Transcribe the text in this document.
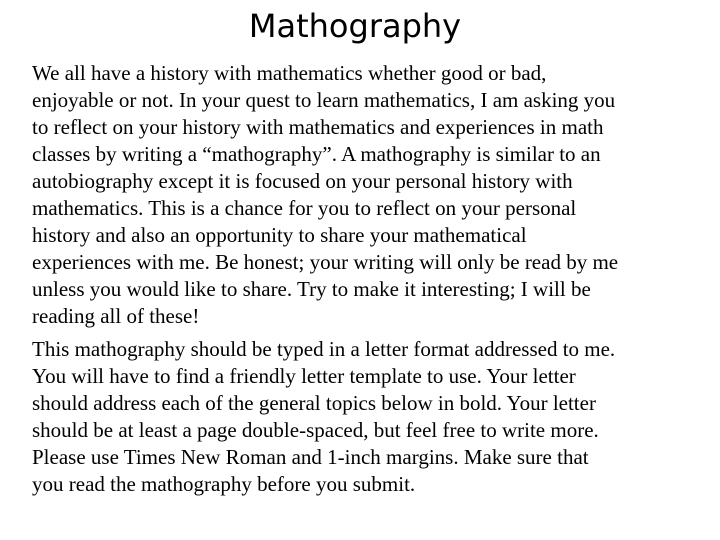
Mathography

We all have a history with mathematics whether good or bad,
enjoyable or not. In your quest to learn mathematics, I am asking you
to reflect on your history with mathematics and experiences in math
classes by writing a “mathography”. A mathography is similar to an
autobiography except it is focused on your personal history with
mathematics. This is a chance for you to reflect on your personal
history and also an opportunity to share your mathematical
experiences with me. Be honest; your writing will only be read by me
unless you would like to share. Try to make it interesting; I will be
reading all of these!

This mathography should be typed in a letter format addressed to me.
You will have to find a friendly letter template to use. Your letter
should address each of the general topics below in bold. Your letter
should be at least a page double-spaced, but feel free to write more.
Please use Times New Roman and 1-inch margins. Make sure that
you read the mathography before you submit.
